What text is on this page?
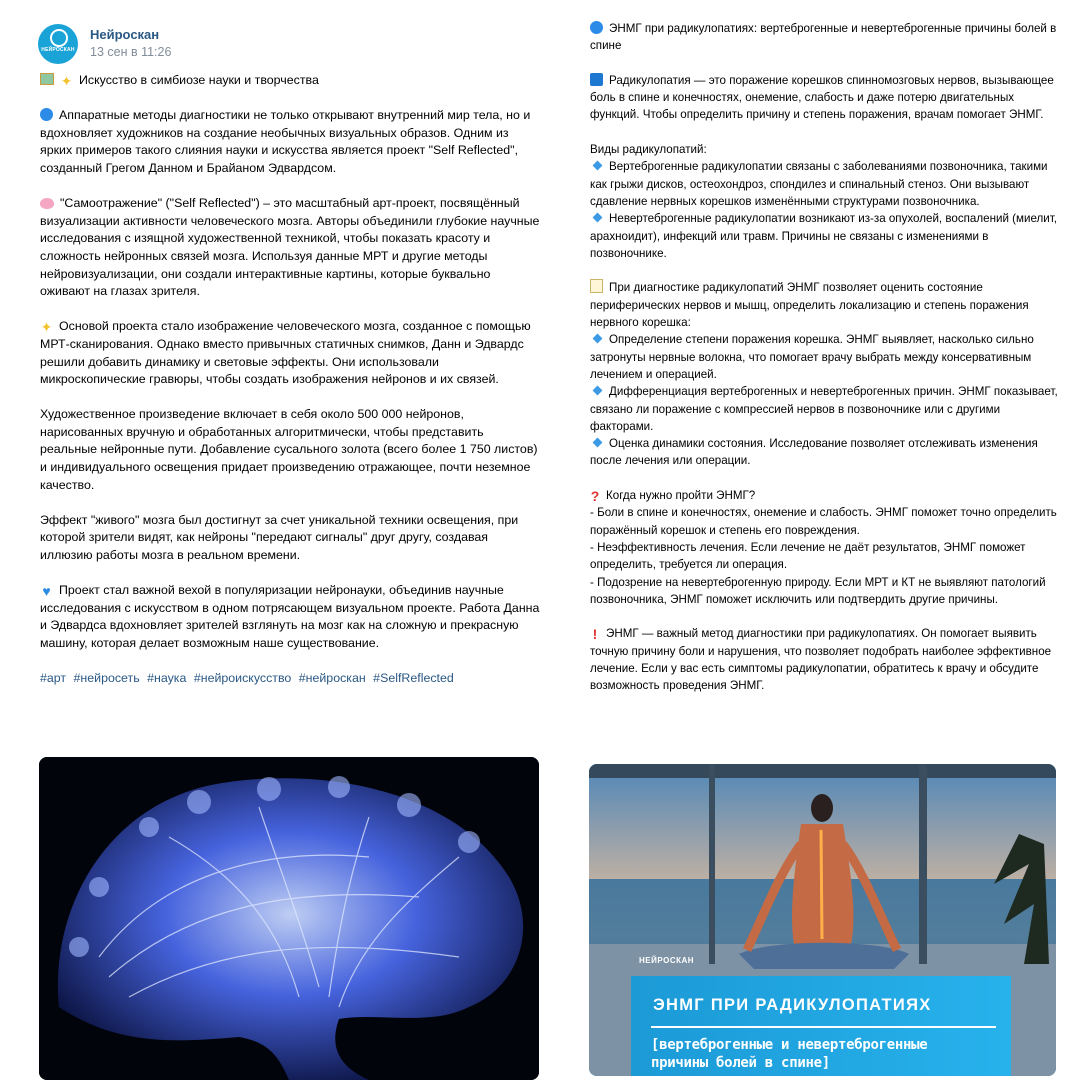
НЕЙРОСКАН
Нейроскан
13 сен в 11:26

✦ Искусство в симбиозе науки и творчества

Аппаратные методы диагностики не только открывают внутренний мир тела, но и вдохновляет художников на создание необычных визуальных образов. Одним из ярких примеров такого слияния науки и искусства является проект "Self Reflected", созданный Грегом Данном и Брайаном Эдвардсом.

"Самоотражение" ("Self Reflected") – это масштабный арт-проект, посвящённый визуализации активности человеческого мозга. Авторы объединили глубокие научные исследования с изящной художественной техникой, чтобы показать красоту и сложность нейронных связей мозга. Используя данные МРТ и другие методы нейровизуализации, они создали интерактивные картины, которые буквально оживают на глазах зрителя.

✦ Основой проекта стало изображение человеческого мозга, созданное с помощью МРТ-сканирования. Однако вместо привычных статичных снимков, Данн и Эдвардс решили добавить динамику и световые эффекты. Они использовали микроскопические гравюры, чтобы создать изображения нейронов и их связей.

Художественное произведение включает в себя около 500 000 нейронов, нарисованных вручную и обработанных алгоритмически, чтобы представить реальные нейронные пути. Добавление сусального золота (всего более 1 750 листов) и индивидуального освещения придает произведению отражающее, почти неземное качество.

Эффект "живого" мозга был достигнут за счет уникальной техники освещения, при которой зрители видят, как нейроны "передают сигналы" друг другу, создавая иллюзию работы мозга в реальном времени.

♥ Проект стал важной вехой в популяризации нейронауки, объединив научные исследования с искусством в одном потрясающем визуальном проекте. Работа Данна и Эдвардса вдохновляет зрителей взглянуть на мозг как на сложную и прекрасную машину, которая делает возможным наше существование.

#арт #нейросеть #наука #нейроискусство #нейроскан #SelfReflected

ЭНМГ при радикулопатиях: вертеброгенные и невертеброгенные причины болей в спине

Радикулопатия — это поражение корешков спинномозговых нервов, вызывающее боль в спине и конечностях, онемение, слабость и даже потерю двигательных функций. Чтобы определить причину и степень поражения, врачам помогает ЭНМГ.

Виды радикулопатий:
Вертеброгенные радикулопатии связаны с заболеваниями позвоночника, такими как грыжи дисков, остеохондроз, спондилез и спинальный стеноз. Они вызывают сдавление нервных корешков изменёнными структурами позвоночника.
Невертеброгенные радикулопатии возникают из-за опухолей, воспалений (миелит, арахноидит), инфекций или травм. Причины не связаны с изменениями в позвоночнике.

При диагностике радикулопатий ЭНМГ позволяет оценить состояние периферических нервов и мышц, определить локализацию и степень поражения нервного корешка:
Определение степени поражения корешка. ЭНМГ выявляет, насколько сильно затронуты нервные волокна, что помогает врачу выбрать между консервативным лечением и операцией.
Дифференциация вертеброгенных и невертеброгенных причин. ЭНМГ показывает, связано ли поражение с компрессией нервов в позвоночнике или с другими факторами.
Оценка динамики состояния. Исследование позволяет отслеживать изменения после лечения или операции.

? Когда нужно пройти ЭНМГ?
- Боли в спине и конечностях, онемение и слабость. ЭНМГ поможет точно определить поражённый корешок и степень его повреждения.
- Неэффективность лечения. Если лечение не даёт результатов, ЭНМГ поможет определить, требуется ли операция.
- Подозрение на невертеброгенную природу. Если МРТ и КТ не выявляют патологий позвоночника, ЭНМГ поможет исключить или подтвердить другие причины.

! ЭНМГ — важный метод диагностики при радикулопатиях. Он помогает выявить точную причину боли и нарушения, что позволяет подобрать наиболее эффективное лечение. Если у вас есть симптомы радикулопатии, обратитесь к врачу и обсудите возможность проведения ЭНМГ.

НЕЙРОСКАН
ЭНМГ ПРИ РАДИКУЛОПАТИЯХ
[вертеброгенные и невертеброгенные
причины болей в спине]
